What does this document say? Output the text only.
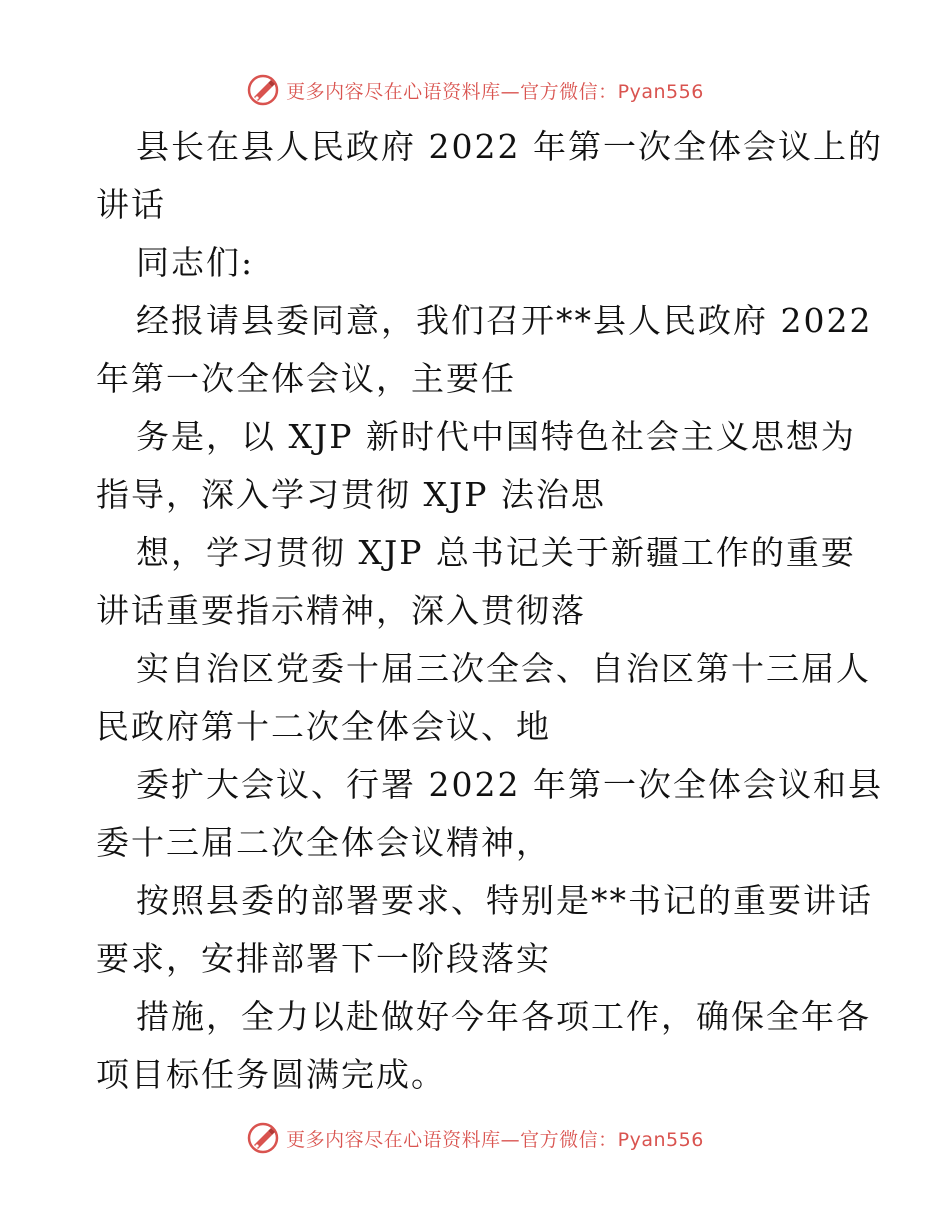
更多内容尽在心语资料库—官方微信：Pyan556

县长在县人民政府 2022 年第一次全体会议上的

讲话

同志们:

经报请县委同意，我们召开**县人民政府 2022

年第一次全体会议，主要任

务是，以 XJP 新时代中国特色社会主义思想为

指导，深入学习贯彻 XJP 法治思

想，学习贯彻 XJP 总书记关于新疆工作的重要

讲话重要指示精神，深入贯彻落

实自治区党委十届三次全会、自治区第十三届人

民政府第十二次全体会议、地

委扩大会议、行署 2022 年第一次全体会议和县

委十三届二次全体会议精神，

按照县委的部署要求、特别是**书记的重要讲话

要求，安排部署下一阶段落实

措施，全力以赴做好今年各项工作，确保全年各

项目标任务圆满完成。

更多内容尽在心语资料库—官方微信：Pyan556
